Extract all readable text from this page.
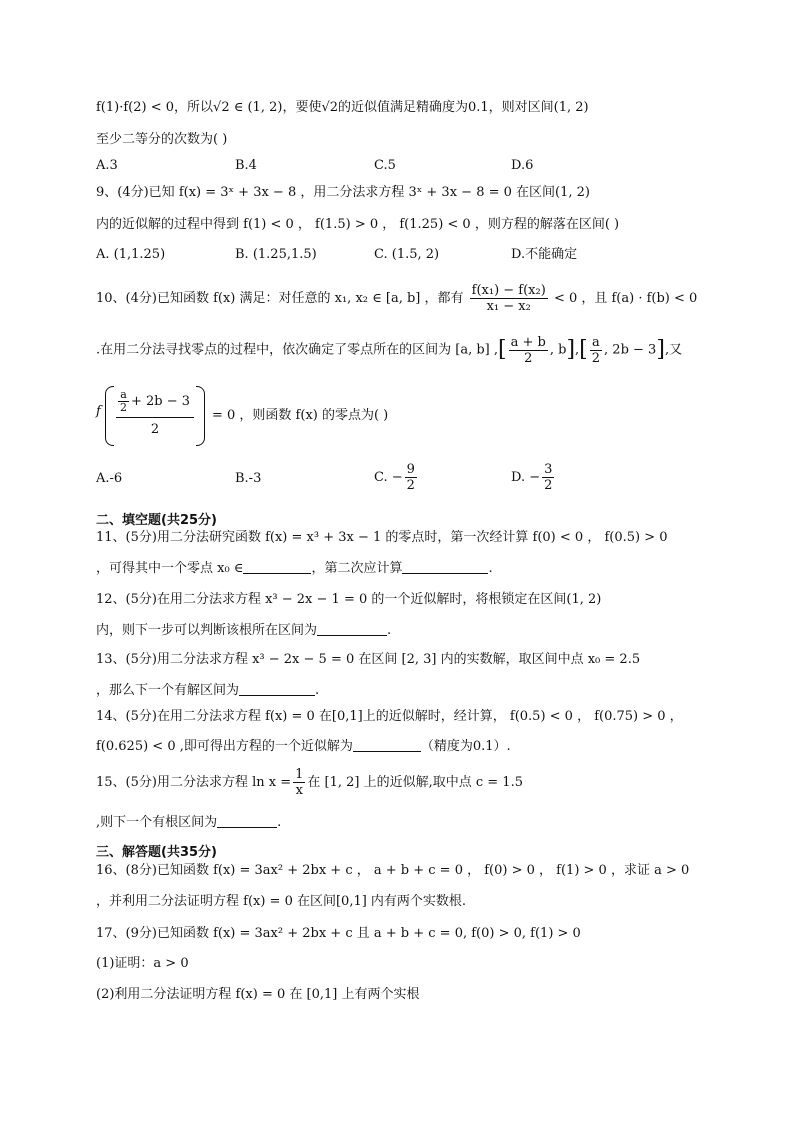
f(1)·f(2) < 0，所以√2 ∈ (1, 2)，要使√2的近似值满足精确度为0.1，则对区间(1, 2)
至少二等分的次数为( )
A.3	B.4	C.5	D.6
9、(4分)已知 f(x) = 3ˣ + 3x − 8 ，用二分法求方程 3ˣ + 3x − 8 = 0 在区间(1, 2)
内的近似解的过程中得到 f(1) < 0 ， f(1.5) > 0 ， f(1.25) < 0 ，则方程的解落在区间( )
A. (1,1.25)	B. (1.25,1.5)	C. (1.5, 2)	D.不能确定
10、(4分)已知函数 f(x) 满足：对任意的 x₁, x₂ ∈ [a, b] ，都有 $\frac{\text{f(x₁) − f(x₂)}}{\text{x₁ − x₂}} < 0$ ，且 f(a) · f(b) < 0
.在用二分法寻找零点的过程中，依次确定了零点所在的区间为 [a, b] ,[ $\frac{a + b}{2}$ , $b],[ \frac{a}{2}$ , 2b − 3],又
f $\frac{a}{2} + 2b - 3$
2
= 0 ，则函数 f(x) 的零点为( )
A.-6	B.-3	C. − $\frac{9}{2}$	D. − $\frac{3}{2}$
二、填空题(共25分)
11、(5分)用二分法研究函数 f(x) = x³ + 3x − 1 的零点时，第一次经计算 f(0) < 0 ， f(0.5) > 0
，可得其中一个零点 x₀ ∈	，第二次应计算	.
12、(5分)在用二分法求方程 x³ − 2x − 1 = 0 的一个近似解时，将根锁定在区间(1, 2)
内，则下一步可以判断该根所在区间为	.
13、(5分)用二分法求方程 x³ − 2x − 5 = 0 在区间 [2, 3] 内的实数解，取区间中点 x₀ = 2.5
，那么下一个有解区间为	.
14、(5分)在用二分法求方程 f(x) = 0 在[0,1]上的近似解时，经计算， f(0.5) < 0 ， f(0.75) > 0 ，
f(0.625) < 0 ,即可得出方程的一个近似解为	（精度为0.1）.
15、(5分)用二分法求方程 $\ln x = \frac{1}{x}$ 在 [1, 2] 上的近似解,取中点 c = 1.5
,则下一个有根区间为	.
三、解答题(共35分)
16、(8分)已知函数 f(x) = 3ax² + 2bx + c ， a + b + c = 0 ， f(0) > 0 ， f(1) > 0 ，求证 a > 0
，并利用二分法证明方程 f(x) = 0 在区间[0,1] 内有两个实数根.
17、(9分)已知函数 f(x) = 3ax² + 2bx + c 且 a + b + c = 0, f(0) > 0, f(1) > 0
(1)证明：a > 0
(2)利用二分法证明方程 f(x) = 0 在 [0,1] 上有两个实根
